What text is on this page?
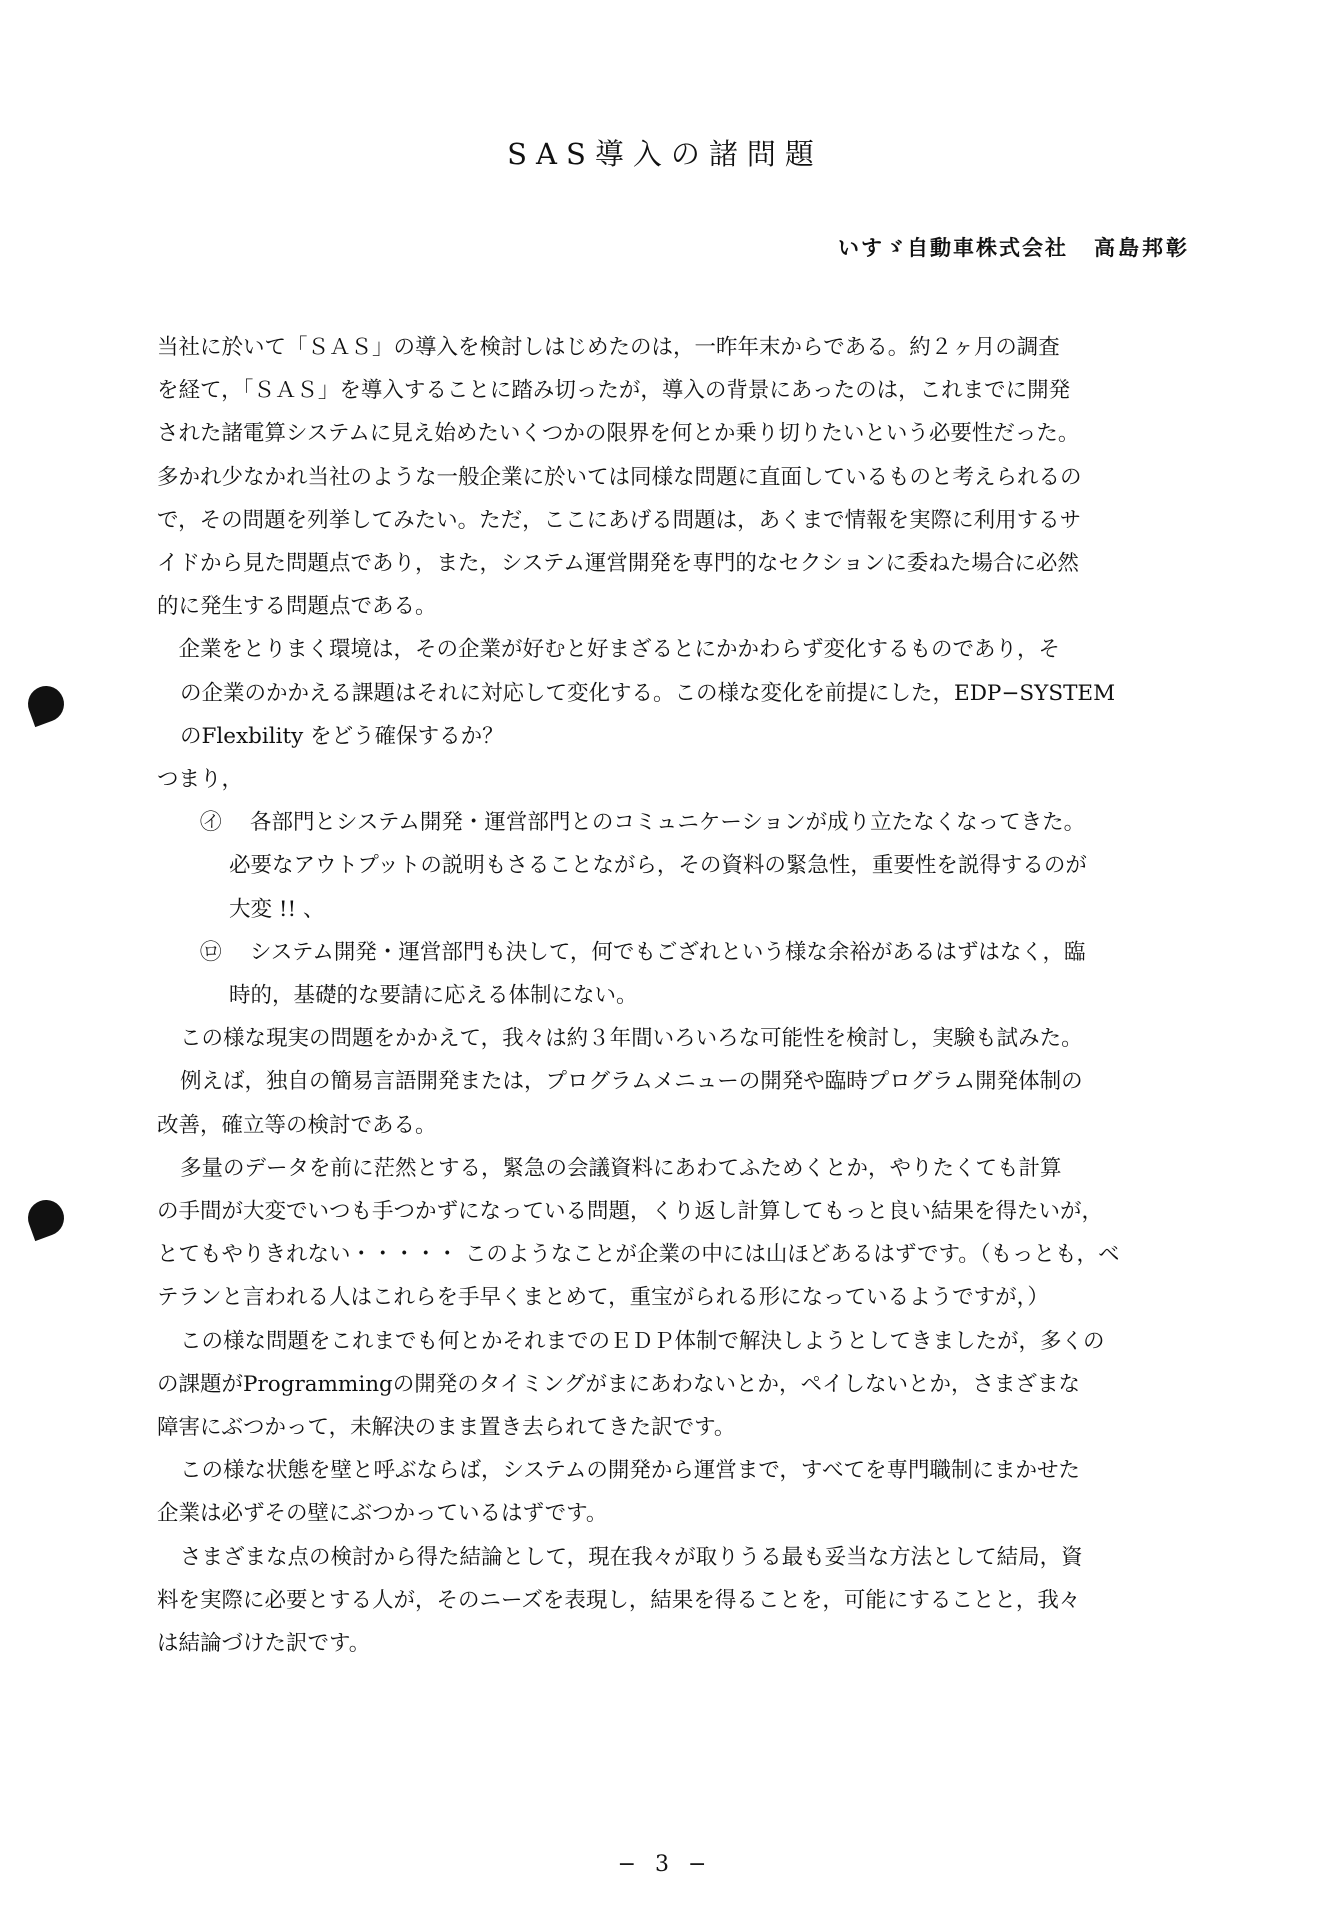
SAS導入の諸問題
いすゞ自動車株式会社 高島邦彰

当社に於いて「ＳＡＳ」の導入を検討しはじめたのは，一昨年末からである。約２ヶ月の調査

を経て，「ＳＡＳ」を導入することに踏み切ったが，導入の背景にあったのは，これまでに開発

された諸電算システムに見え始めたいくつかの限界を何とか乗り切りたいという必要性だった。

多かれ少なかれ当社のような一般企業に於いては同様な問題に直面しているものと考えられるの

で，その問題を列挙してみたい。ただ，ここにあげる問題は，あくまで情報を実際に利用するサ

イドから見た問題点であり，また，システム運営開発を専門的なセクションに委ねた場合に必然

的に発生する問題点である。

企業をとりまく環境は，その企業が好むと好まざるとにかかわらず変化するものであり，そ

の企業のかかえる課題はそれに対応して変化する。この様な変化を前提にした，EDP−SYSTEM

のFlexbility をどう確保するか？

つまり，

㋑ 各部門とシステム開発・運営部門とのコミュニケーションが成り立たなくなってきた。

必要なアウトプットの説明もさることながら，その資料の緊急性，重要性を説得するのが

大変 !! 、

㋺ システム開発・運営部門も決して，何でもござれという様な余裕があるはずはなく，臨

時的，基礎的な要請に応える体制にない。

この様な現実の問題をかかえて，我々は約３年間いろいろな可能性を検討し，実験も試みた。

例えば，独自の簡易言語開発または，プログラムメニューの開発や臨時プログラム開発体制の

改善，確立等の検討である。

多量のデータを前に茫然とする，緊急の会議資料にあわてふためくとか，やりたくても計算

の手間が大変でいつも手つかずになっている問題，くり返し計算してもっと良い結果を得たいが，

とてもやりきれない・・・・・ このようなことが企業の中には山ほどあるはずです。（もっとも，ベ

テランと言われる人はこれらを手早くまとめて，重宝がられる形になっているようですが，）

この様な問題をこれまでも何とかそれまでのＥＤＰ体制で解決しようとしてきましたが，多くの

の課題がProgrammingの開発のタイミングがまにあわないとか，ペイしないとか，さまざまな

障害にぶつかって，未解決のまま置き去られてきた訳です。

この様な状態を壁と呼ぶならば，システムの開発から運営まで，すべてを専門職制にまかせた

企業は必ずその壁にぶつかっているはずです。

さまざまな点の検討から得た結論として，現在我々が取りうる最も妥当な方法として結局，資

料を実際に必要とする人が，そのニーズを表現し，結果を得ることを，可能にすることと，我々

は結論づけた訳です。

− 3 −
